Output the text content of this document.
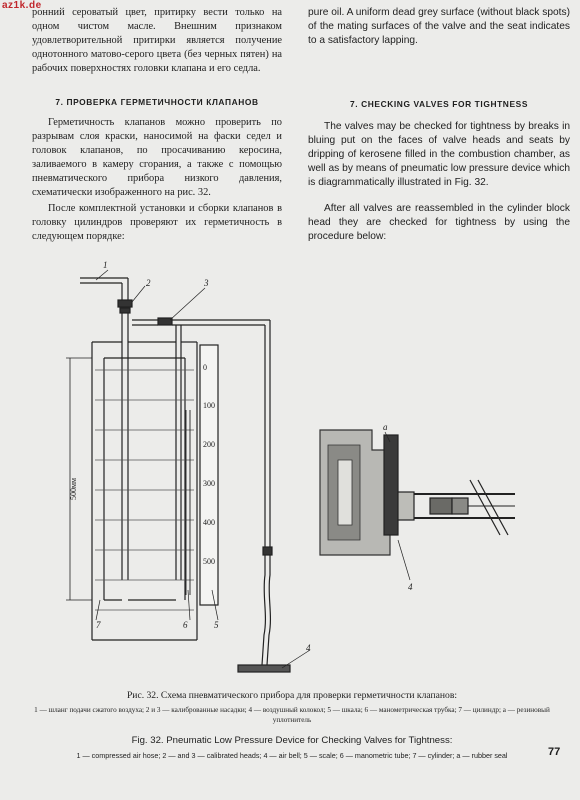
az1k.de

ронний сероватый цвет, притирку вести только на одном чистом масле. Внешним признаком удовлетворительной притирки является получение однотонного матово-серого цвета (без черных пятен) на рабочих поверхностях головки клапана и его седла.

7. ПРОВЕРКА ГЕРМЕТИЧНОСТИ КЛАПАНОВ

Герметичность клапанов можно проверить по разрывам слоя краски, наносимой на фаски седел и головок клапанов, по просачиванию керосина, заливаемого в камеру сгорания, а также с помощью пневматического прибора низкого давления, схематически изображенного на рис. 32.

После комплектной установки и сборки клапанов в головку цилиндров проверяют их герметичность в следующем порядке:

pure oil. A uniform dead grey surface (without black spots) of the mating surfaces of the valve and the seat indicates to a satisfactory lapping.

7. CHECKING VALVES FOR TIGHTNESS

The valves may be checked for tightness by breaks in bluing put on the faces of valve heads and seats by dripping of kerosene filled in the combustion chamber, as well as by means of pneumatic low pressure device which is diagrammatically illustrated in Fig. 32.

After all valves are reassembled in the cylinder block head they are checked for tightness by using the procedure below:

500мм
0
100
200
300
400
500
1
2	3
4
5
6
7
a
4
Рис. 32. Схема пневматического прибора для проверки герметичности клапанов:
1 — шланг подачи сжатого воздуха; 2 и 3 — калиброванные насадки; 4 — воздушный колокол; 5 — шкала; 6 — манометрическая трубка; 7 — цилиндр; а — резиновый уплотнитель
Fig. 32. Pneumatic Low Pressure Device for Checking Valves for Tightness:
1 — compressed air hose; 2 — and 3 — calibrated heads; 4 — air bell; 5 — scale; 6 — manometric tube; 7 — cylinder; a — rubber seal	77
